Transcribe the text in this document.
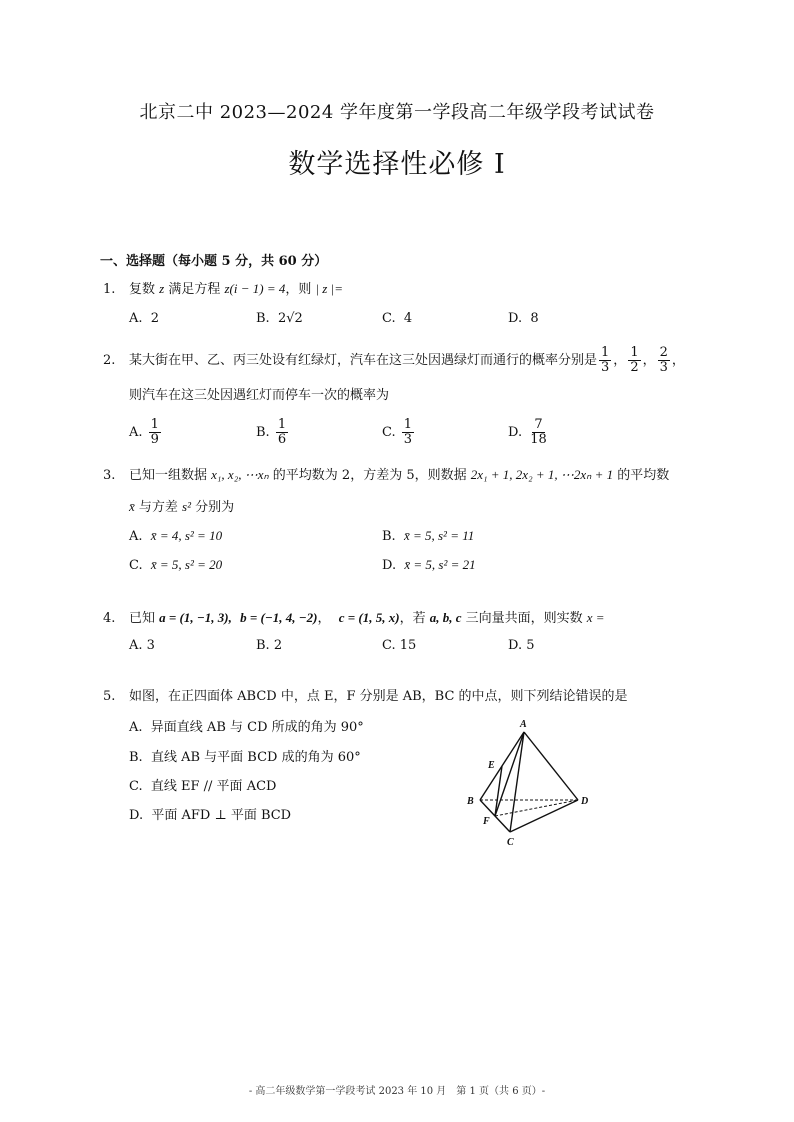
北京二中 2023—2024 学年度第一学段高二年级学段考试试卷
数学选择性必修 I
一、选择题（每小题 5 分，共 60 分）
1. 复数 z 满足方程 z(i − 1) = 4，则 | z |=
A. 2	B. 2√2	C. 4	D. 8
2. 某大街在甲、乙、丙三处设有红绿灯，汽车在这三处因遇绿灯而通行的概率分别是 $\frac{1}{3}$ ， $\frac{1}{2}$ ， $\frac{2}{3}$ ，
则汽车在这三处因遇红灯而停车一次的概率为
A. $\frac{1}{9}$	B. $\frac{1}{6}$	C. $\frac{1}{3}$	D. $\frac{7}{18}$
3. 已知一组数据 x₁, x₂, ⋯xₙ 的平均数为 2，方差为 5，则数据 2x₁ + 1, 2x₂ + 1, ⋯2xₙ + 1 的平均数
x̄ 与方差 s² 分别为
A. x̄ = 4, s² = 10	B. x̄ = 5, s² = 11
C. x̄ = 5, s² = 20	D. x̄ = 5, s² = 21
4. 已知 a = (1, −1, 3), b = (−1, 4, −2)， c = (1, 5, x)，若 a, b, c 三向量共面，则实数 x =
A. 3	B. 2	C. 15	D. 5
5. 如图，在正四面体 ABCD 中，点 E，F 分别是 AB，BC 的中点，则下列结论错误的是
A. 异面直线 AB 与 CD 所成的角为 90°
B. 直线 AB 与平面 BCD 成的角为 60°
C. 直线 EF // 平面 ACD
D. 平面 AFD ⊥ 平面 BCD
A
B
C
D
E
F
- 高二年级数学第一学段考试 2023 年 10 月　第 1 页（共 6 页）-
